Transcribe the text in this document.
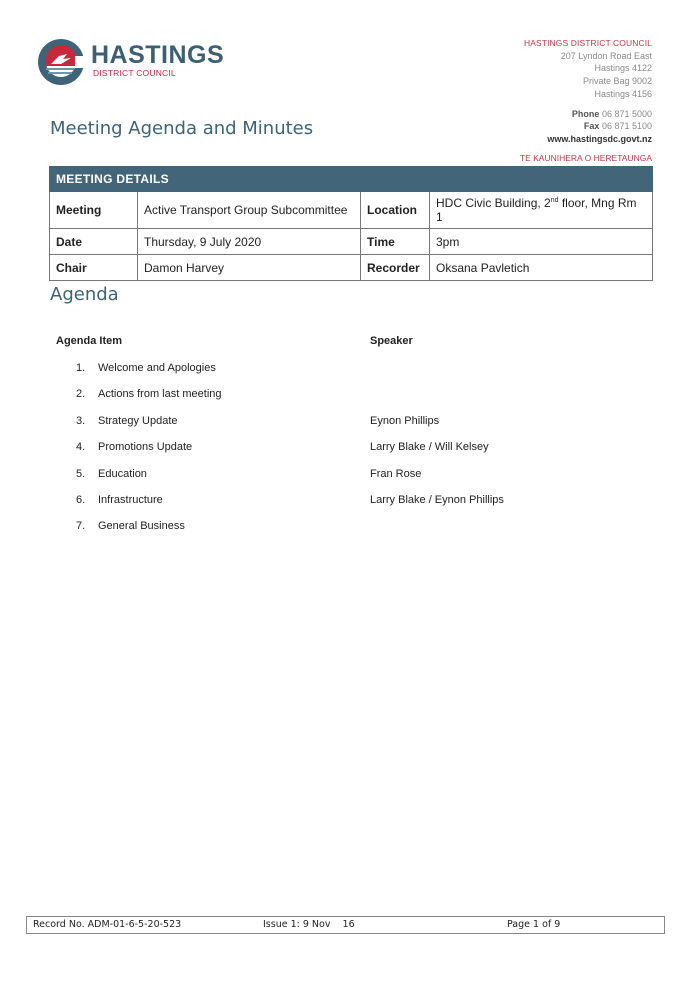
HASTINGS
DISTRICT COUNCIL
HASTINGS DISTRICT COUNCIL
207 Lyndon Road East
Hastings 4122
Private Bag 9002
Hastings 4156
Phone 06 871 5000
Fax 06 871 5100
www.hastingsdc.govt.nz
TE KAUNIHERA O HERETAUNGA
Meeting Agenda and Minutes
MEETING DETAILS			
Meeting	Active Transport Group Subcommittee	Location	HDC Civic Building, 2nd floor, Mng Rm 1
Date	Thursday, 9 July 2020	Time	3pm
Chair	Damon Harvey	Recorder	Oksana Pavletich
Agenda
Agenda Item	Speaker
1. Welcome and Apologies
2. Actions from last meeting
3. Strategy Update	Eynon Phillips
4. Promotions Update	Larry Blake / Will Kelsey
5. Education	Fran Rose
6. Infrastructure	Larry Blake / Eynon Phillips
7. General Business
Record No. ADM-01-6-5-20-523	Issue 1: 9 Nov    16	Page 1 of 9
